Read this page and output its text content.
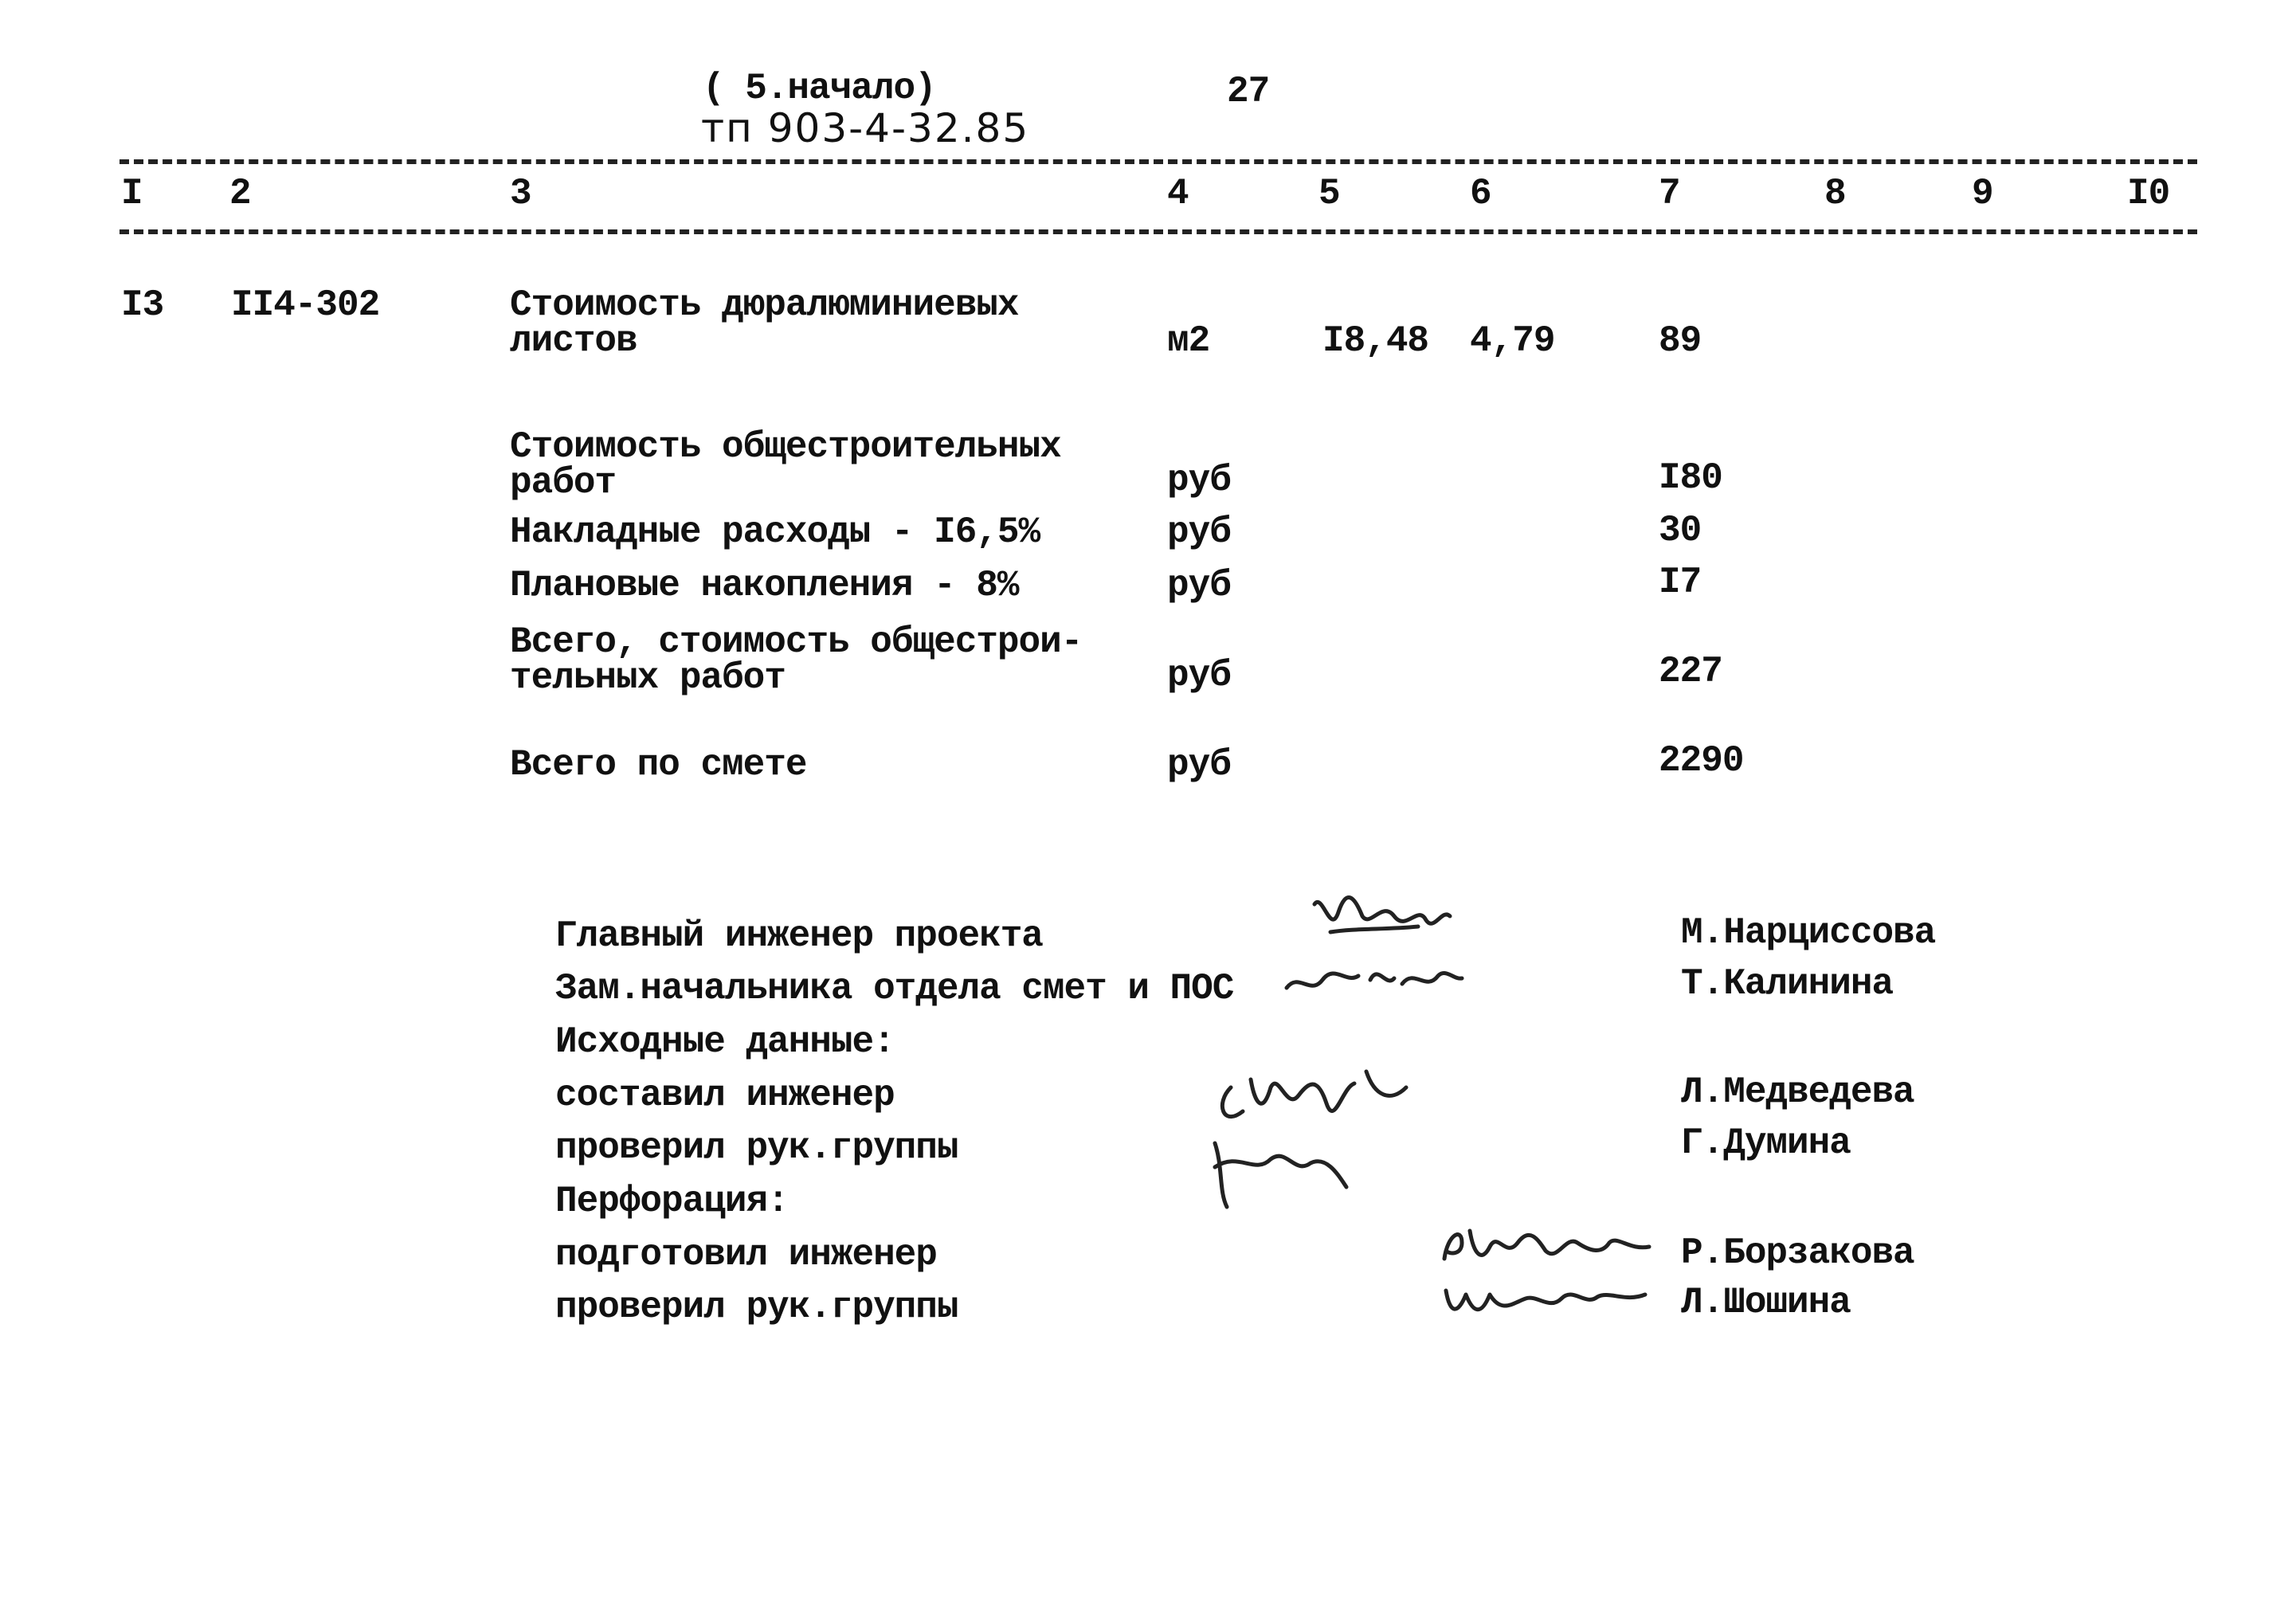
( 5.начало)
тп 903-4-32.85
27
I 2	3	4	5	6	7	8	9	I0
I3 II4-302	Стоимость дюралюминиевых
листов	м2	I8,48 4,79	89
Стоимость общестроительных
работ	руб	I80
Накладные расходы - I6,5%	руб	30
Плановые накопления - 8%	руб	I7
Всего, стоимость общестрои-
тельных работ	руб	227
Всего по смете	руб	2290
Главный инженер проекта	М.Нарциссова
Зам.начальника отдела смет и ПОС	Т.Калинина
Исходные данные:
составил инженер	Л.Медведева
проверил рук.группы	Г.Думина
Перфорация:
подготовил инженер	Р.Борзакова
проверил рук.группы	Л.Шошина
